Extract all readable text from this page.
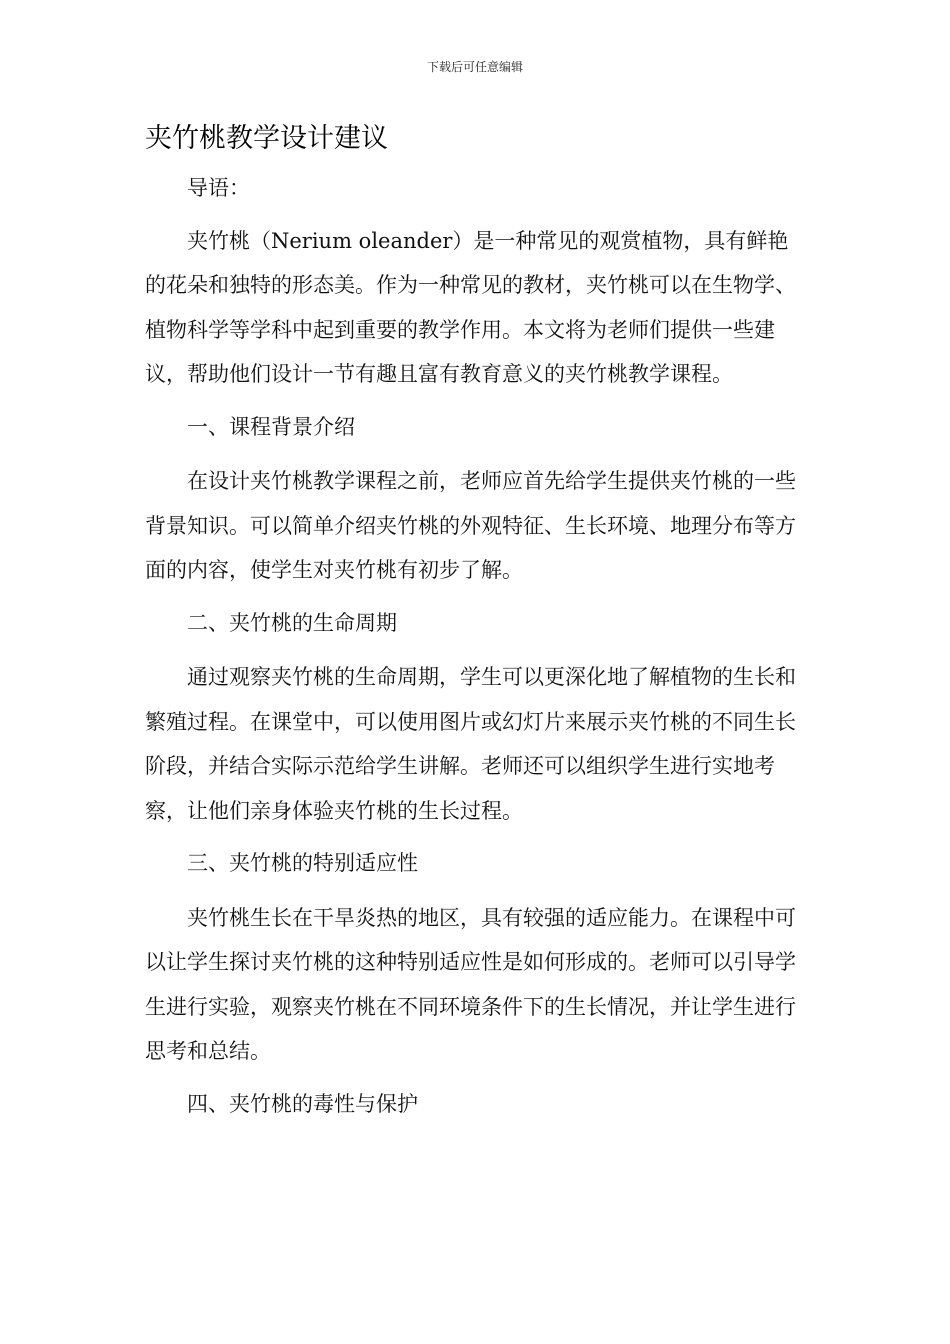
下载后可任意编辑
夹竹桃教学设计建议

导语：

夹竹桃（Nerium oleander）是一种常见的观赏植物，具有鲜艳的花朵和独特的形态美。作为一种常见的教材，夹竹桃可以在生物学、植物科学等学科中起到重要的教学作用。本文将为老师们提供一些建议，帮助他们设计一节有趣且富有教育意义的夹竹桃教学课程。

一、课程背景介绍

在设计夹竹桃教学课程之前，老师应首先给学生提供夹竹桃的一些背景知识。可以简单介绍夹竹桃的外观特征、生长环境、地理分布等方面的内容，使学生对夹竹桃有初步了解。

二、夹竹桃的生命周期

通过观察夹竹桃的生命周期，学生可以更深化地了解植物的生长和繁殖过程。在课堂中，可以使用图片或幻灯片来展示夹竹桃的不同生长阶段，并结合实际示范给学生讲解。老师还可以组织学生进行实地考察，让他们亲身体验夹竹桃的生长过程。

三、夹竹桃的特别适应性

夹竹桃生长在干旱炎热的地区，具有较强的适应能力。在课程中可以让学生探讨夹竹桃的这种特别适应性是如何形成的。老师可以引导学生进行实验，观察夹竹桃在不同环境条件下的生长情况，并让学生进行思考和总结。

四、夹竹桃的毒性与保护
